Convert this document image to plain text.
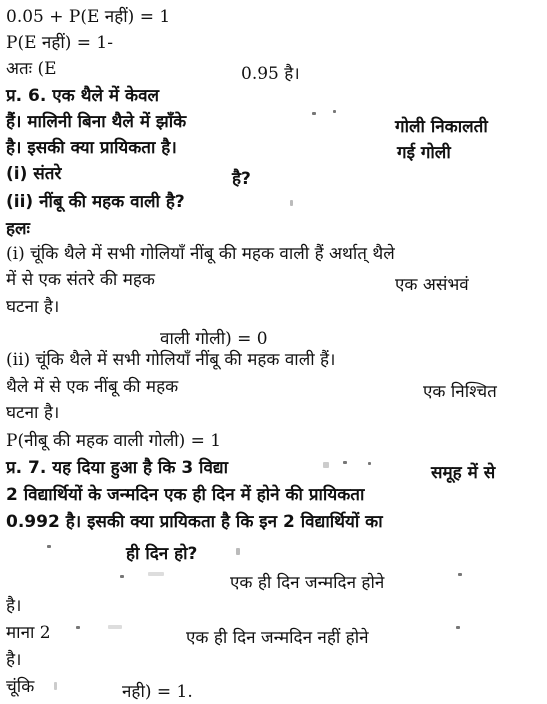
0.05 + P(E नहीं) = 1
P(E नहीं) = 1-
अतः (E	0.95 है।
प्र. 6. एक थैले में केवल
हैं। मालिनी बिना थैले में झाँके	गोली निकालती
है। इसकी क्या प्रायिकता है।	गई गोली
(i) संतरे	है?
(ii) नींबू की महक वाली है?
हलः
(i) चूंकि थैले में सभी गोलियाँ नींबू की महक वाली हैं अर्थात् थैले
में से एक संतरे की महक	एक असंभवं
घटना है।
वाली गोली) = 0
(ii) चूंकि थैले में सभी गोलियाँ नींबू की महक वाली हैं।
थैले में से एक नींबू की महक	एक निश्चित
घटना है।
P(नीबू की महक वाली गोली) = 1
प्र. 7. यह दिया हुआ है कि 3 विद्या	समूह में से
2 विद्यार्थियों के जन्मदिन एक ही दिन में होने की प्रायिकता
0.992 है। इसकी क्या प्रायिकता है कि इन 2 विद्यार्थियों का
ही दिन हो?
एक ही दिन जन्मदिन होने
है।
माना 2	एक ही दिन जन्मदिन नहीं होने
है।
चूंकि	नही) = 1.
